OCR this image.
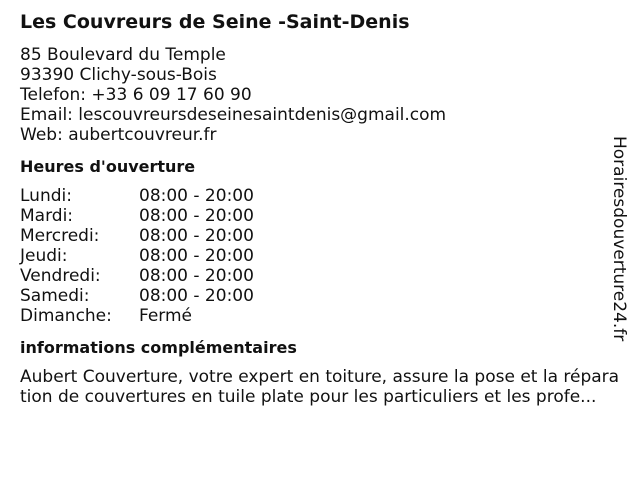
Les Couvreurs de Seine -Saint-Denis
85 Boulevard du Temple
93390 Clichy-sous-Bois
Telefon: +33 6 09 17 60 90
Email: lescouvreursdeseinesaintdenis@gmail.com
Web: aubertcouvreur.fr
Heures d'ouverture
Lundi:	08:00 - 20:00
Mardi:	08:00 - 20:00
Mercredi:	08:00 - 20:00
Jeudi:	08:00 - 20:00
Vendredi:	08:00 - 20:00
Samedi:	08:00 - 20:00
Dimanche:	Fermé
informations complémentaires
Aubert Couverture, votre expert en toiture, assure la pose et la réparation de couvertures en tuile plate pour les particuliers et les profe...
Horairesdouverture24.fr
